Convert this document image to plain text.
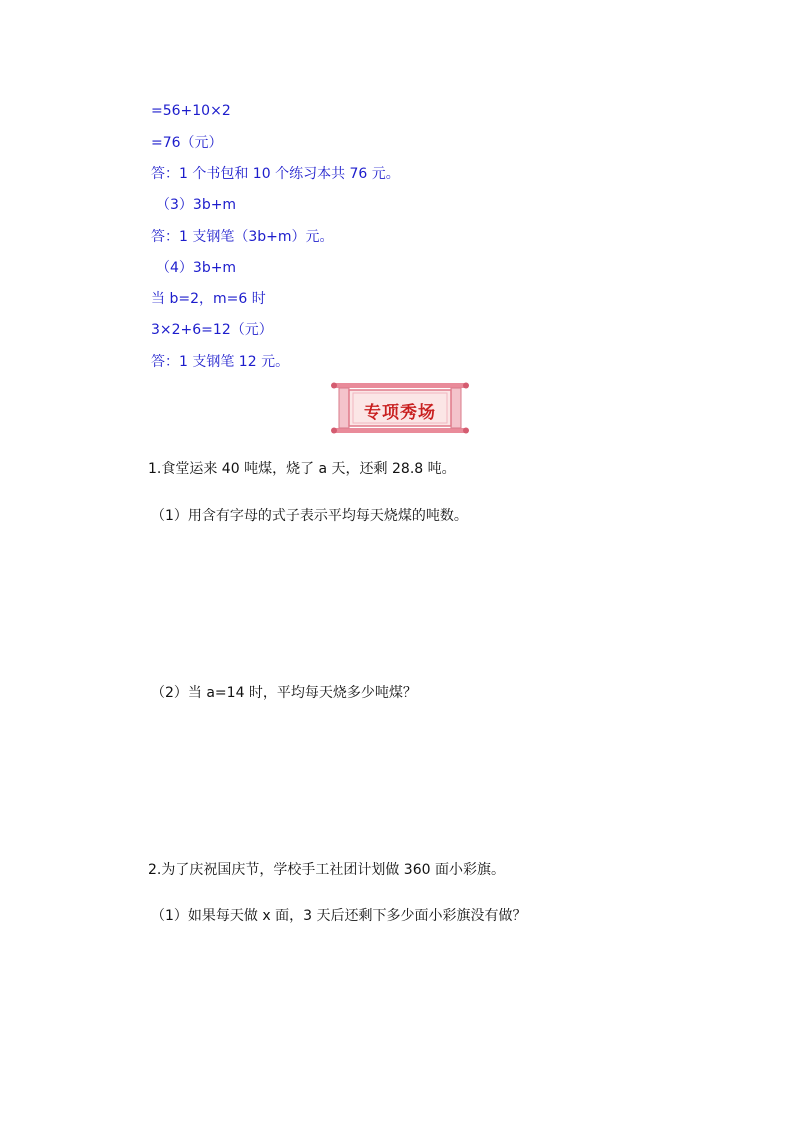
=56+10×2
=76（元）
答：1 个书包和 10 个练习本共 76 元。
（3）3b+m
答：1 支钢笔（3b+m）元。
（4）3b+m
当 b=2，m=6 时
3×2+6=12（元）
答：1 支钢笔 12 元。
专项秀场
1.食堂运来 40 吨煤，烧了 a 天，还剩 28.8 吨。
（1）用含有字母的式子表示平均每天烧煤的吨数。
（2）当 a=14 时，平均每天烧多少吨煤？
2.为了庆祝国庆节，学校手工社团计划做 360 面小彩旗。
（1）如果每天做 x 面，3 天后还剩下多少面小彩旗没有做？
